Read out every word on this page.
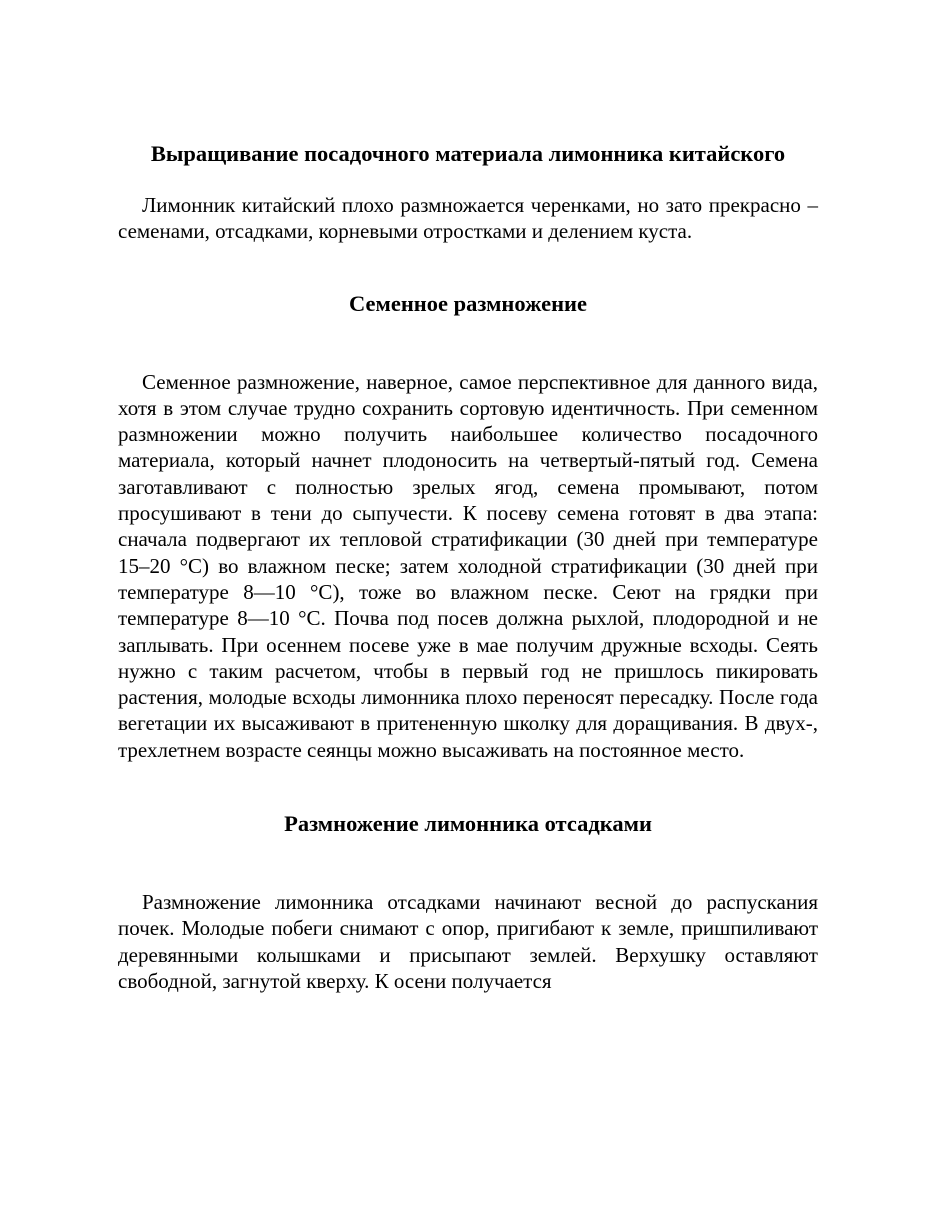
Выращивание посадочного материала лимонника китайского

Лимонник китайский плохо размножается черенками, но зато прекрасно – семенами, отсадками, корневыми отростками и делением куста.

Семенное размножение

Семенное размножение, наверное, самое перспективное для данного вида, хотя в этом случае трудно сохранить сортовую идентичность. При семенном размножении можно получить наибольшее количество посадочного материала, который начнет плодоносить на четвертый-пятый год. Семена заготавливают с полностью зрелых ягод, семена промывают, потом просушивают в тени до сыпучести. К посеву семена готовят в два этапа: сначала подвергают их тепловой стратификации (30 дней при температуре 15–20 °С) во влажном песке; затем холодной стратификации (30 дней при температуре 8—10 °С), тоже во влажном песке. Сеют на грядки при температуре 8—10 °С. Почва под посев должна рыхлой, плодородной и не заплывать. При осеннем посеве уже в мае получим дружные всходы. Сеять нужно с таким расчетом, чтобы в первый год не пришлось пикировать растения, молодые всходы лимонника плохо переносят пересадку. После года вегетации их высаживают в притененную школку для доращивания. В двух-, трехлетнем возрасте сеянцы можно высаживать на постоянное место.

Размножение лимонника отсадками

Размножение лимонника отсадками начинают весной до распускания почек. Молодые побеги снимают с опор, пригибают к земле, пришпиливают деревянными колышками и присыпают землей. Верхушку оставляют свободной, загнутой кверху. К осени получается
